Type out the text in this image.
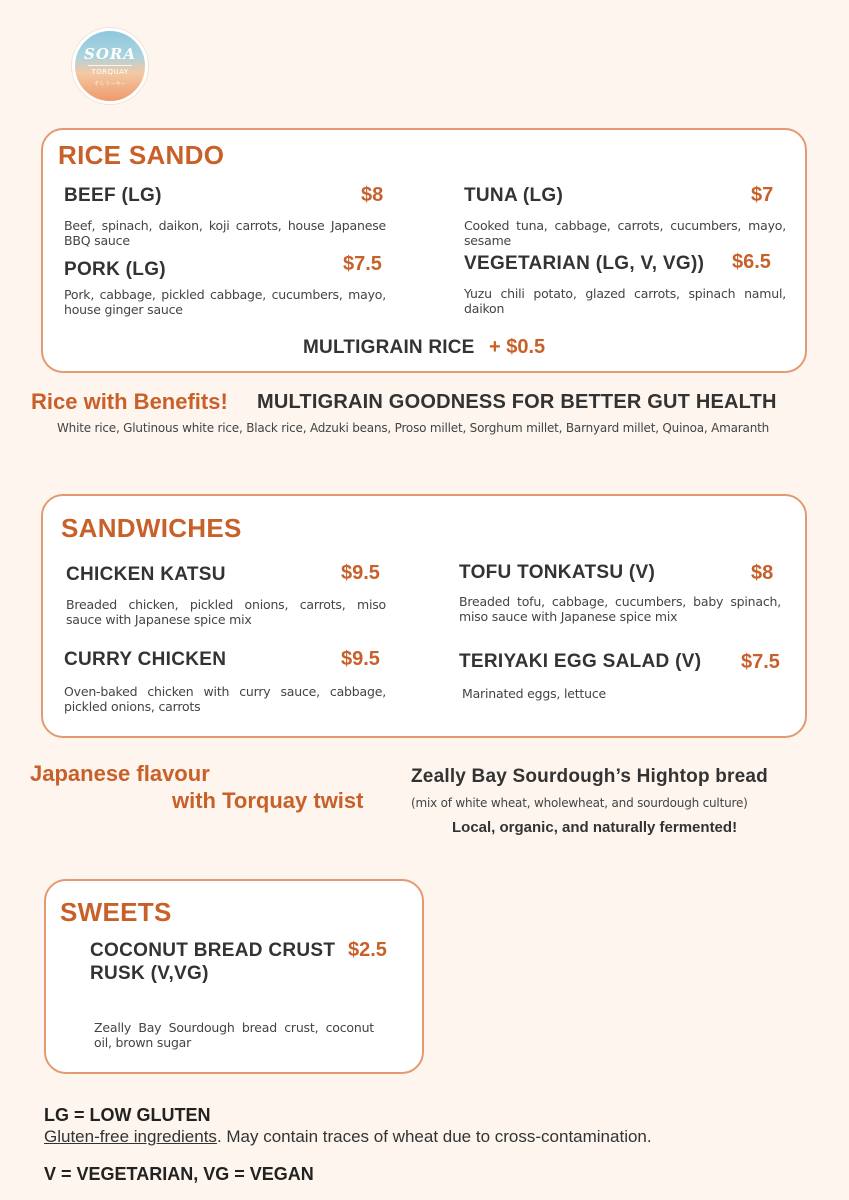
SORA
TORQUAY
そら トーキー
RICE SANDO
BEEF (LG)	$8
Beef, spinach, daikon, koji carrots, house Japanese BBQ sauce
TUNA (LG)	$7
Cooked tuna, cabbage, carrots, cucumbers, mayo, sesame
PORK (LG)	$7.5
Pork, cabbage, pickled cabbage, cucumbers, mayo, house ginger sauce
VEGETARIAN (LG, V, VG)) $6.5
Yuzu chili potato, glazed carrots, spinach namul, daikon
MULTIGRAIN RICE + $0.5
Rice with Benefits! MULTIGRAIN GOODNESS FOR BETTER GUT HEALTH
White rice, Glutinous white rice, Black rice, Adzuki beans, Proso millet, Sorghum millet, Barnyard millet, Quinoa, Amaranth
SANDWICHES
CHICKEN KATSU	$9.5
Breaded chicken, pickled onions, carrots, miso sauce with Japanese spice mix
TOFU TONKATSU (V)	$8
Breaded tofu, cabbage, cucumbers, baby spinach, miso sauce with Japanese spice mix
CURRY CHICKEN	$9.5
Oven-baked chicken with curry sauce, cabbage, pickled onions, carrots
TERIYAKI EGG SALAD (V) $7.5
Marinated eggs, lettuce
Japanese flavour
with Torquay twist
Zeally Bay Sourdough’s Hightop bread
(mix of white wheat, wholewheat, and sourdough culture)
Local, organic, and naturally fermented!
SWEETS
COCONUT BREAD CRUST
RUSK (V,VG)
$2.5
Zeally Bay Sourdough bread crust, coconut oil, brown sugar
LG = LOW GLUTEN
Gluten-free ingredients. May contain traces of wheat due to cross-contamination.
V = VEGETARIAN, VG = VEGAN
